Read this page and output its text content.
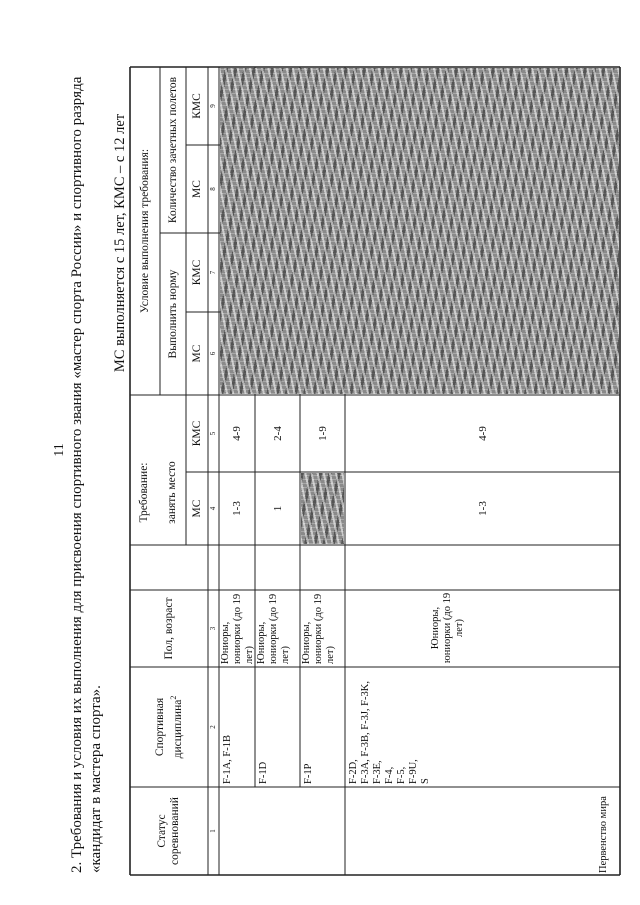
11 2. Требования и условия их выполнения для присвоения спортивного звания «мастер спорта России» и спортивного разряда «кандидат в мастера спорта».
МС выполняется с 15 лет, КМС – с 12 лет
Статус соревнований
Спортивная дисциплина$^2$
Пол, возраст
Требование:	занять место	МС
КМС
Условие выполнения требования:
Выполнить норму
Количество зачетных полетов
МС
КМС
МС
КМС
1
2
3
4
5
6
7
8
9
Первенство мира
F-1A, F-1B
Юниоры, юниорки (до 19 лет)
1-3
4-9
F-1D
Юниоры, юниорки (до 19 лет)
1
2-4
F-1P
Юниоры, юниорки (до 19 лет)
1-9
F-2D, F-3A, F-3B, F-3J, F-3K, F-3E, F-4, F-5, F-9U, S
Юниоры, юниорки (до 19 лет)
1-3
4-9
